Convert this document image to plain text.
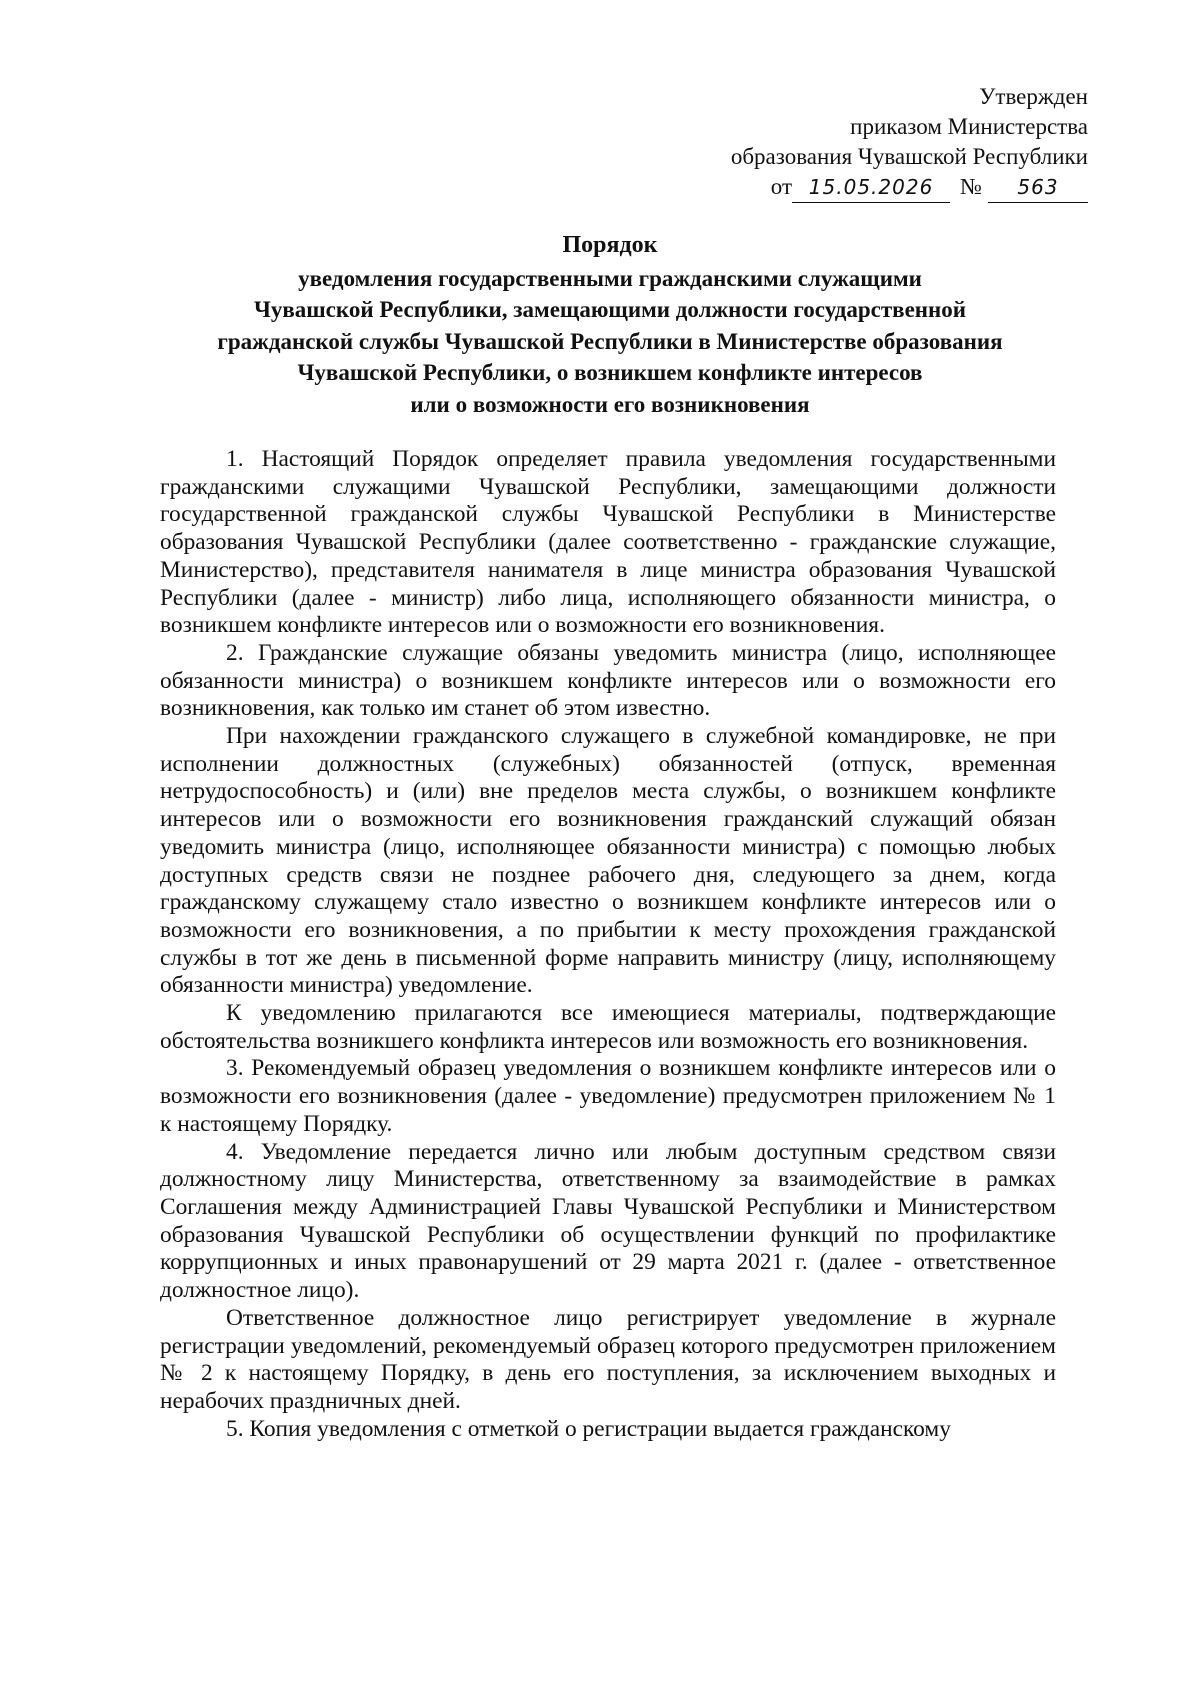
Утвержден
приказом Министерства
образования Чувашской Республики
от 15.05.2026	№	563
Порядок
уведомления государственными гражданскими служащими
Чувашской Республики, замещающими должности государственной
гражданской службы Чувашской Республики в Министерстве образования
Чувашской Республики, о возникшем конфликте интересов
или о возможности его возникновения

1. Настоящий Порядок определяет правила уведомления государственными гражданскими служащими Чувашской Республики, замещающими должности государственной гражданской службы Чувашской Республики в Министерстве образования Чувашской Республики (далее соответственно - гражданские служащие, Министерство), представителя нанимателя в лице министра образования Чувашской Республики (далее - министр) либо лица, исполняющего обязанности министра, о возникшем конфликте интересов или о возможности его возникновения.

2. Гражданские служащие обязаны уведомить министра (лицо, исполняющее обязанности министра) о возникшем конфликте интересов или о возможности его возникновения, как только им станет об этом известно.

При нахождении гражданского служащего в служебной командировке, не при исполнении должностных (служебных) обязанностей (отпуск, временная нетрудоспособность) и (или) вне пределов места службы, о возникшем конфликте интересов или о возможности его возникновения гражданский служащий обязан уведомить министра (лицо, исполняющее обязанности министра) с помощью любых доступных средств связи не позднее рабочего дня, следующего за днем, когда гражданскому служащему стало известно о возникшем конфликте интересов или о возможности его возникновения, а по прибытии к месту прохождения гражданской службы в тот же день в письменной форме направить министру (лицу, исполняющему обязанности министра) уведомление.

К уведомлению прилагаются все имеющиеся материалы, подтверждающие обстоятельства возникшего конфликта интересов или возможность его возникновения.

3. Рекомендуемый образец уведомления о возникшем конфликте интересов или о возможности его возникновения (далее - уведомление) предусмотрен приложением № 1 к настоящему Порядку.

4. Уведомление передается лично или любым доступным средством связи должностному лицу Министерства, ответственному за взаимодействие в рамках Соглашения между Администрацией Главы Чувашской Республики и Министерством образования Чувашской Республики об осуществлении функций по профилактике коррупционных и иных правонарушений от 29 марта 2021 г. (далее - ответственное должностное лицо).

Ответственное должностное лицо регистрирует уведомление в журнале регистрации уведомлений, рекомендуемый образец которого предусмотрен приложением № 2 к настоящему Порядку, в день его поступления, за исключением выходных и нерабочих праздничных дней.

5. Копия уведомления с отметкой о регистрации выдается гражданскому
